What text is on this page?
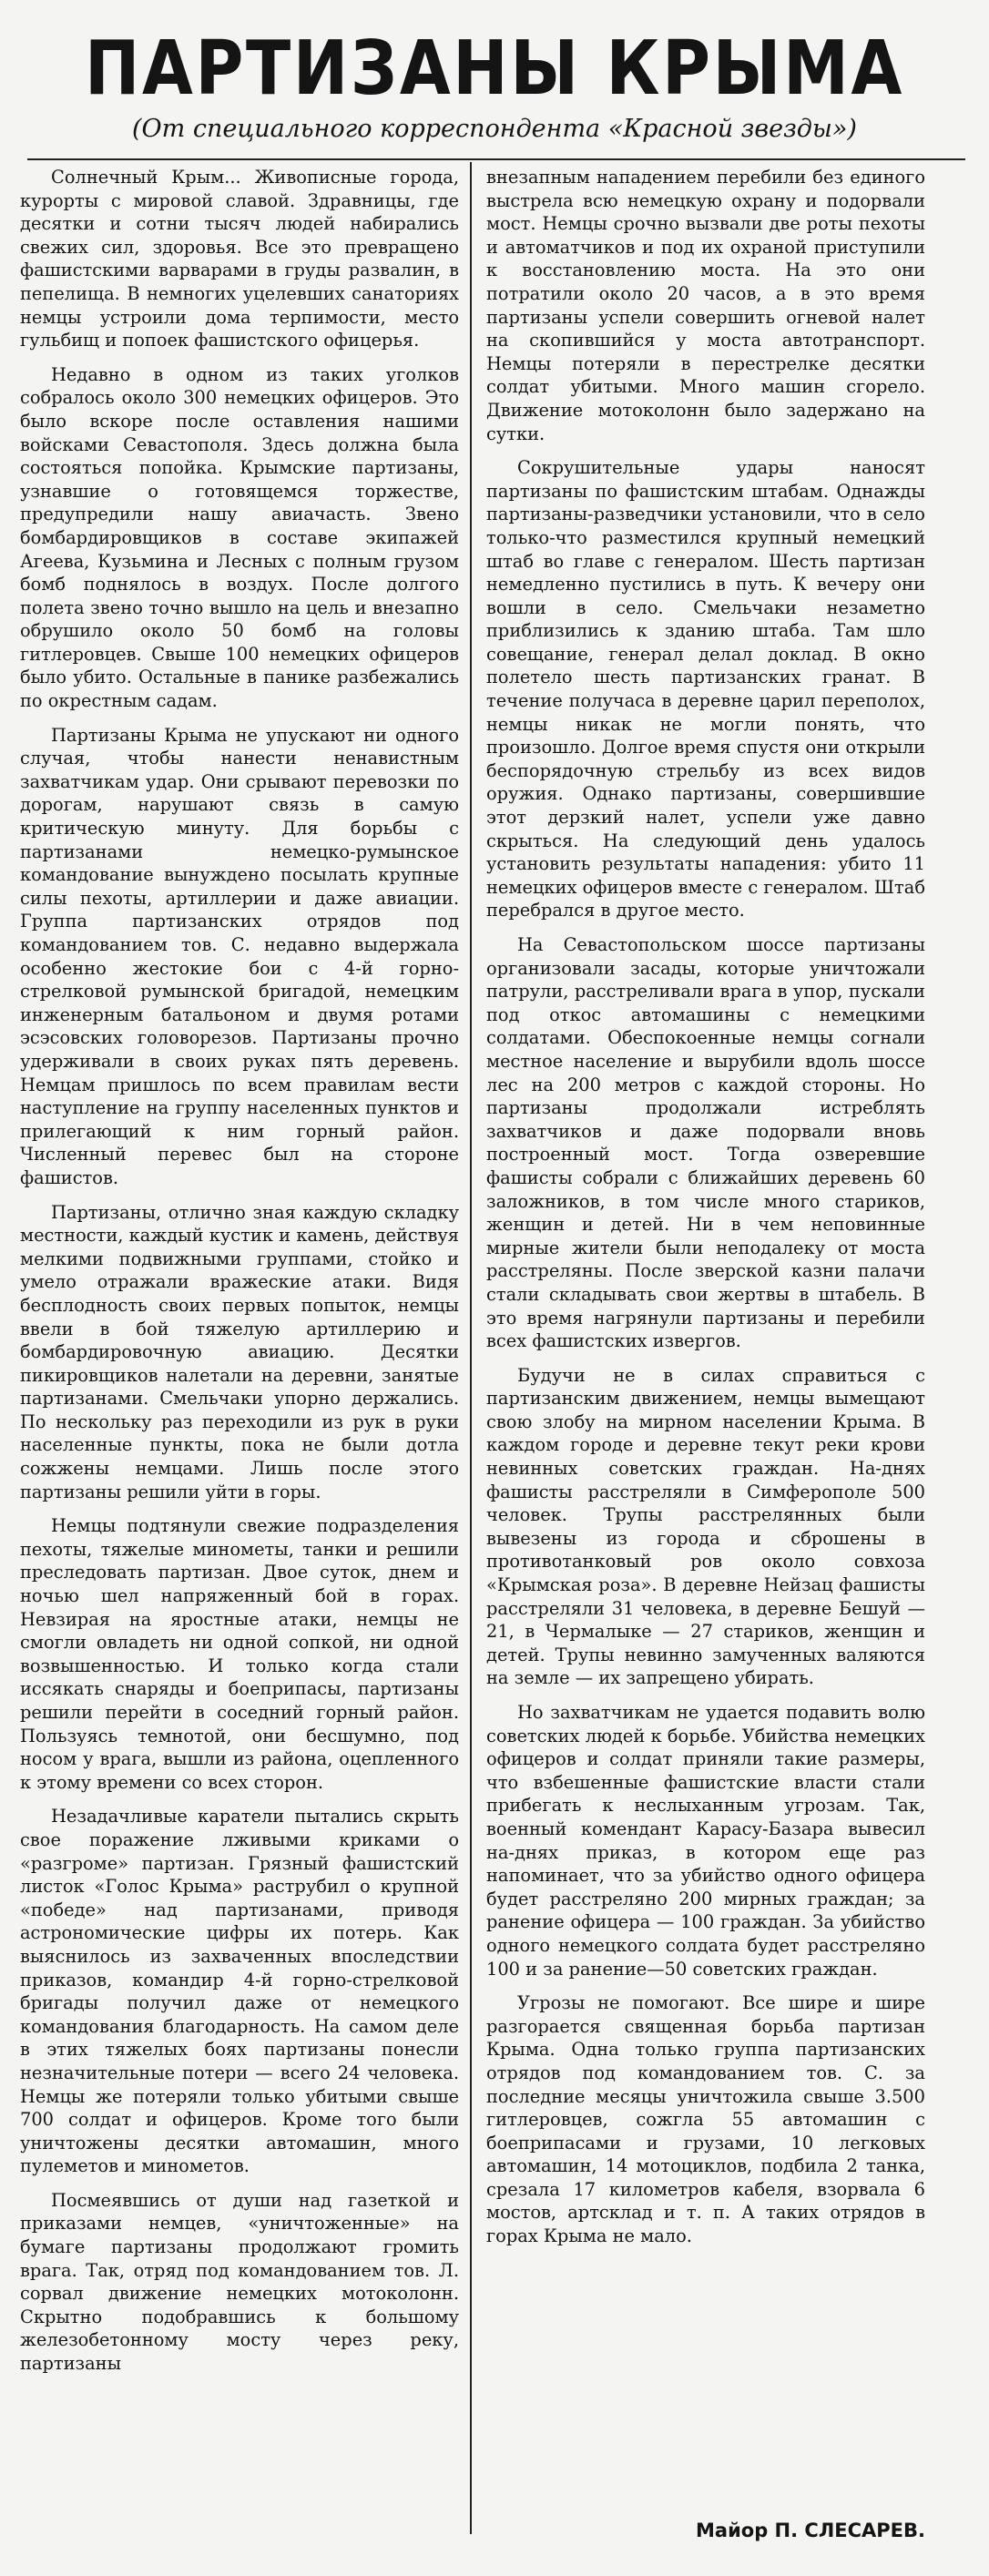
ПАРТИЗАНЫ КРЫМА
(От специального корреспондента «Красной звезды»)

Солнечный Крым... Живописные города, курорты с мировой славой. Здравницы, где десятки и сотни тысяч людей набирались свежих сил, здоровья. Все это превращено фашистскими варварами в груды развалин, в пепелища. В немногих уцелевших санаториях немцы устроили дома терпимости, место гульбищ и попоек фашистского офицерья.

Недавно в одном из таких уголков собралось около 300 немецких офицеров. Это было вскоре после оставления нашими войсками Севастополя. Здесь должна была состояться попойка. Крымские партизаны, узнавшие о готовящемся торжестве, предупредили нашу авиачасть. Звено бомбардировщиков в составе экипажей Агеева, Кузьмина и Лесных с полным грузом бомб поднялось в воздух. После долгого полета звено точно вышло на цель и внезапно обрушило около 50 бомб на головы гитлеровцев. Свыше 100 немецких офицеров было убито. Остальные в панике разбежались по окрестным садам.

Партизаны Крыма не упускают ни одного случая, чтобы нанести ненавистным захватчикам удар. Они срывают перевозки по дорогам, нарушают связь в самую критическую минуту. Для борьбы с партизанами немецко-румынское командование вынуждено посылать крупные силы пехоты, артиллерии и даже авиации. Группа партизанских отрядов под командованием тов. С. недавно выдержала особенно жестокие бои с 4-й горно-стрелковой румынской бригадой, немецким инженерным батальоном и двумя ротами эсэсовских головорезов. Партизаны прочно удерживали в своих руках пять деревень. Немцам пришлось по всем правилам вести наступление на группу населенных пунктов и прилегающий к ним горный район. Численный перевес был на стороне фашистов.

Партизаны, отлично зная каждую складку местности, каждый кустик и камень, действуя мелкими подвижными группами, стойко и умело отражали вражеские атаки. Видя бесплодность своих первых попыток, немцы ввели в бой тяжелую артиллерию и бомбардировочную авиацию. Десятки пикировщиков налетали на деревни, занятые партизанами. Смельчаки упорно держались. По нескольку раз переходили из рук в руки населенные пункты, пока не были дотла сожжены немцами. Лишь после этого партизаны решили уйти в горы.

Немцы подтянули свежие подразделения пехоты, тяжелые минометы, танки и решили преследовать партизан. Двое суток, днем и ночью шел напряженный бой в горах. Невзирая на яростные атаки, немцы не смогли овладеть ни одной сопкой, ни одной возвышенностью. И только когда стали иссякать снаряды и боеприпасы, партизаны решили перейти в соседний горный район. Пользуясь темнотой, они бесшумно, под носом у врага, вышли из района, оцепленного к этому времени со всех сторон.

Незадачливые каратели пытались скрыть свое поражение лживыми криками о «разгроме» партизан. Грязный фашистский листок «Голос Крыма» раструбил о крупной «победе» над партизанами, приводя астрономические цифры их потерь. Как выяснилось из захваченных впоследствии приказов, командир 4-й горно-стрелковой бригады получил даже от немецкого командования благодарность. На самом деле в этих тяжелых боях партизаны понесли незначительные потери — всего 24 человека. Немцы же потеряли только убитыми свыше 700 солдат и офицеров. Кроме того были уничтожены десятки автомашин, много пулеметов и минометов.

Посмеявшись от души над газеткой и приказами немцев, «уничтоженные» на бумаге партизаны продолжают громить врага. Так, отряд под командованием тов. Л. сорвал движение немецких мотоколонн. Скрытно подобравшись к большому железобетонному мосту через реку, партизаны

внезапным нападением перебили без единого выстрела всю немецкую охрану и подорвали мост. Немцы срочно вызвали две роты пехоты и автоматчиков и под их охраной приступили к восстановлению моста. На это они потратили около 20 часов, а в это время партизаны успели совершить огневой налет на скопившийся у моста автотранспорт. Немцы потеряли в перестрелке десятки солдат убитыми. Много машин сгорело. Движение мотоколонн было задержано на сутки.

Сокрушительные удары наносят партизаны по фашистским штабам. Однажды партизаны-разведчики установили, что в село только-что разместился крупный немецкий штаб во главе с генералом. Шесть партизан немедленно пустились в путь. К вечеру они вошли в село. Смельчаки незаметно приблизились к зданию штаба. Там шло совещание, генерал делал доклад. В окно полетело шесть партизанских гранат. В течение получаса в деревне царил переполох, немцы никак не могли понять, что произошло. Долгое время спустя они открыли беспорядочную стрельбу из всех видов оружия. Однако партизаны, совершившие этот дерзкий налет, успели уже давно скрыться. На следующий день удалось установить результаты нападения: убито 11 немецких офицеров вместе с генералом. Штаб перебрался в другое место.

На Севастопольском шоссе партизаны организовали засады, которые уничтожали патрули, расстреливали врага в упор, пускали под откос автомашины с немецкими солдатами. Обеспокоенные немцы согнали местное население и вырубили вдоль шоссе лес на 200 метров с каждой стороны. Но партизаны продолжали истреблять захватчиков и даже подорвали вновь построенный мост. Тогда озверевшие фашисты собрали с ближайших деревень 60 заложников, в том числе много стариков, женщин и детей. Ни в чем неповинные мирные жители были неподалеку от моста расстреляны. После зверской казни палачи стали складывать свои жертвы в штабель. В это время нагрянули партизаны и перебили всех фашистских извергов.

Будучи не в силах справиться с партизанским движением, немцы вымещают свою злобу на мирном населении Крыма. В каждом городе и деревне текут реки крови невинных советских граждан. На-днях фашисты расстреляли в Симферополе 500 человек. Трупы расстрелянных были вывезены из города и сброшены в противотанковый ров около совхоза «Крымская роза». В деревне Нейзац фашисты расстреляли 31 человека, в деревне Бешуй — 21, в Чермалыке — 27 стариков, женщин и детей. Трупы невинно замученных валяются на земле — их запрещено убирать.

Но захватчикам не удается подавить волю советских людей к борьбе. Убийства немецких офицеров и солдат приняли такие размеры, что взбешенные фашистские власти стали прибегать к неслыханным угрозам. Так, военный комендант Карасу-Базара вывесил на-днях приказ, в котором еще раз напоминает, что за убийство одного офицера будет расстреляно 200 мирных граждан; за ранение офицера — 100 граждан. За убийство одного немецкого солдата будет расстреляно 100 и за ранение—50 советских граждан.

Угрозы не помогают. Все шире и шире разгорается священная борьба партизан Крыма. Одна только группа партизанских отрядов под командованием тов. С. за последние месяцы уничтожила свыше 3.500 гитлеровцев, сожгла 55 автомашин с боеприпасами и грузами, 10 легковых автомашин, 14 мотоциклов, подбила 2 танка, срезала 17 километров кабеля, взорвала 6 мостов, артсклад и т. п. А таких отрядов в горах Крыма не мало.

Майор П. СЛЕСАРЕВ.
